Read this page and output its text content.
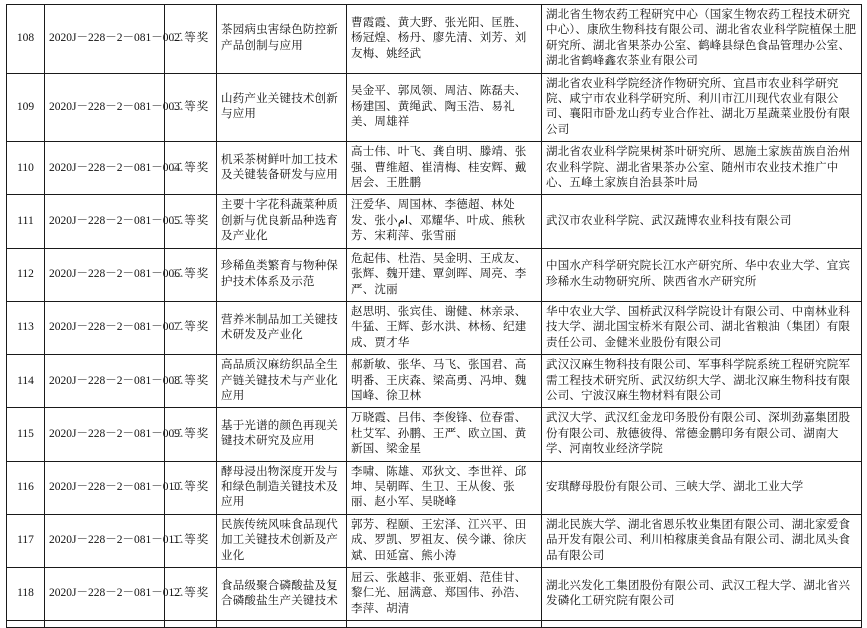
108	2020J－228－2－081－002	二等奖	茶园病虫害绿色防控新产品创制与应用	曹霞霞、黄大野、张光阳、匡胜、杨冠煌、杨丹、廖先清、刘芳、刘友梅、姚经武	湖北省生物农药工程研究中心（国家生物农药工程技术研究中心）、康欣生物科技有限公司、湖北省农业科学院植保土肥研究所、湖北省果茶办公室、鹤峰县绿色食品管理办公室、湖北省鹤峰鑫农茶业有限公司
109	2020J－228－2－081－003	二等奖	山药产业关键技术创新与应用	吴金平、郭凤领、周洁、陈磊夫、杨建国、黄绳武、陶玉浩、易礼美、周雄祥	湖北省农业科学院经济作物研究所、宜昌市农业科学研究院、咸宁市农业科学研究所、利川市江川现代农业有限公司、襄阳市卧龙山药专业合作社、湖北万星蔬菜业股份有限公司
110	2020J－228－2－081－004	二等奖	机采茶树鲜叶加工技术及关键装备研发与应用	高士伟、叶飞、龚自明、滕靖、张强、曹维超、崔清梅、桂安辉、戴居会、王胜鹏	湖北省农业科学院果树茶叶研究所、恩施土家族苗族自治州农业科学院、湖北省果茶办公室、随州市农业技术推广中心、五峰土家族自治县茶叶局
111	2020J－228－2－081－005	二等奖	主要十字花科蔬菜种质创新与优良新品种选育及产业化	汪爱华、周国林、李德超、林处发、张小ام、邓耀华、叶成、熊秋芳、宋莉萍、张雪丽	武汉市农业科学院、武汉蔬博农业科技有限公司
112	2020J－228－2－081－006	二等奖	珍稀鱼类繁育与物种保护技术体系及示范	危起伟、杜浩、吴金明、王成友、张辉、魏开建、覃剑晖、周亮、李严、沈丽	中国水产科学研究院长江水产研究所、华中农业大学、宜宾珍稀水生动物研究所、陕西省水产研究所
113	2020J－228－2－081－007	二等奖	营养米制品加工关键技术研发及产业化	赵思明、张宾佳、谢健、林亲录、牛猛、王辉、彭水洪、林杨、纪建成、贾才华	华中农业大学、国桥武汉科学院设计有限公司、中南林业科技大学、湖北国宝桥米有限公司、湖北省粮油（集团）有限责任公司、金健米业股份有限公司
114	2020J－228－2－081－008	二等奖	高品质汉麻纺织品全生产链关键技术与产业化应用	郝新敏、张华、马飞、张国君、高明番、王庆森、梁高勇、冯坤、魏国峰、徐卫林	武汉汉麻生物科技有限公司、军事科学院系统工程研究院军需工程技术研究所、武汉纺织大学、湖北汉麻生物科技有限公司、宁波汉麻生物材料有限公司
115	2020J－228－2－081－009	二等奖	基于光谱的颜色再现关键技术研究及应用	万晓霞、吕伟、李俊锋、位春雷、杜艾军、孙鹏、王严、欧立国、黄新国、梁金星	武汉大学、武汉红金龙印务股份有限公司、深圳劲嘉集团股份有限公司、敖德彼得、常德金鹏印务有限公司、湖南大学、河南牧业经济学院
116	2020J－228－2－081－010	二等奖	酵母浸出物深度开发与和绿色制造关键技术及应用	李啸、陈雄、邓狄文、李世祥、邱坤、吴朝晖、生卫、王从俊、张丽、赵小军、吴晓峰	安琪酵母股份有限公司、三峡大学、湖北工业大学
117	2020J－228－2－081－011	二等奖	民族传统风味食品现代加工关键技术创新及产业化	郭芳、程颐、王宏泽、江兴平、田成、罗凯、罗祖友、侯今谦、徐庆斌、田延富、熊小涛	湖北民族大学、湖北省恩乐牧业集团有限公司、湖北家爱食品开发有限公司、利川柏稼康美食品有限公司、湖北凤头食品有限公司
118	2020J－228－2－081－012	二等奖	食品级聚合磷酸盐及复合磷酸盐生产关键技术	屈云、张越非、张亚娟、范佳甘、黎仁光、屈满意、郑国伟、孙浩、李萍、胡清	湖北兴发化工集团股份有限公司、武汉工程大学、湖北省兴发磷化工研究院有限公司
